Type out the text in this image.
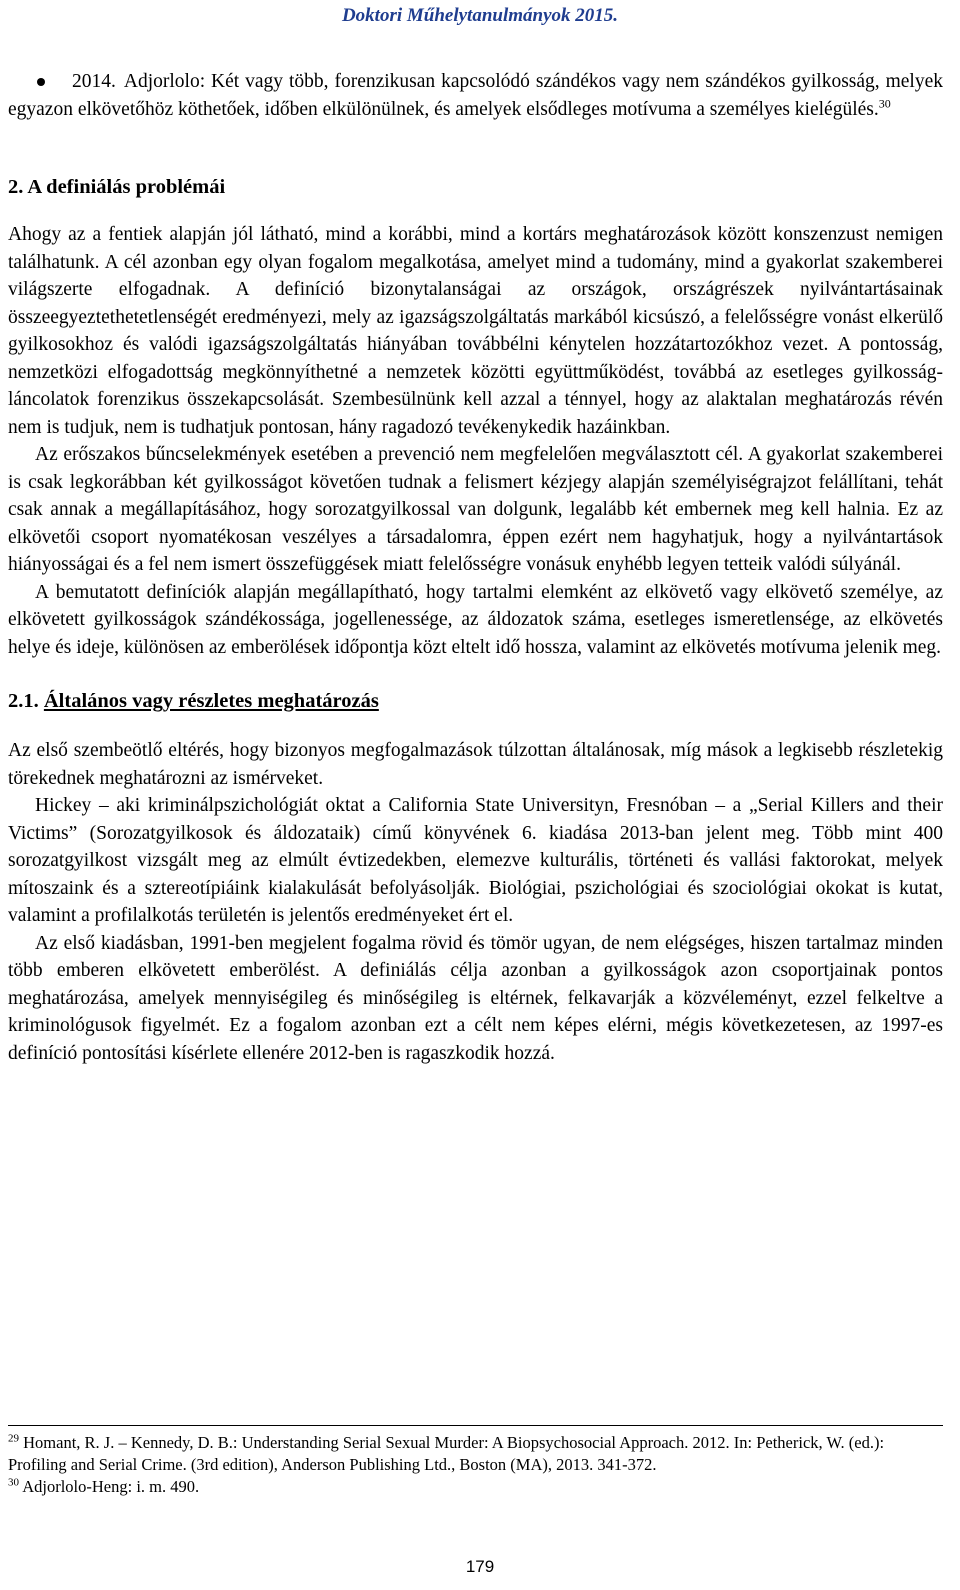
Doktori Műhelytanulmányok 2015.

2014. Adjorlolo: Két vagy több, forenzikusan kapcsolódó szándékos vagy nem szándékos gyilkosság, melyek egyazon elkövetőhöz köthetőek, időben elkülönülnek, és amelyek elsődleges motívuma a személyes kielégülés.$^{30}$

2. A definiálás problémái

Ahogy az a fentiek alapján jól látható, mind a korábbi, mind a kortárs meghatározások között konszenzust nemigen találhatunk. A cél azonban egy olyan fogalom megalkotása, amelyet mind a tudomány, mind a gyakorlat szakemberei világszerte elfogadnak. A definíció bizonytalanságai az országok, országrészek nyilvántartásainak összeegyeztethetetlenségét eredményezi, mely az igazságszolgáltatás markából kicsúszó, a felelősségre vonást elkerülő gyilkosokhoz és valódi igazságszolgáltatás hiányában továbbélni kénytelen hozzátartozókhoz vezet. A pontosság, nemzetközi elfogadottság megkönnyíthetné a nemzetek közötti együttműködést, továbbá az esetleges gyilkosság-láncolatok forenzikus összekapcsolását. Szembesülnünk kell azzal a ténnyel, hogy az alaktalan meghatározás révén nem is tudjuk, nem is tudhatjuk pontosan, hány ragadozó tevékenykedik hazáinkban.

Az erőszakos bűncselekmények esetében a prevenció nem megfelelően megválasztott cél. A gyakorlat szakemberei is csak legkorábban két gyilkosságot követően tudnak a felismert kézjegy alapján személyiségrajzot felállítani, tehát csak annak a megállapításához, hogy sorozatgyilkossal van dolgunk, legalább két embernek meg kell halnia. Ez az elkövetői csoport nyomatékosan veszélyes a társadalomra, éppen ezért nem hagyhatjuk, hogy a nyilvántartások hiányosságai és a fel nem ismert összefüggések miatt felelősségre vonásuk enyhébb legyen tetteik valódi súlyánál.

A bemutatott definíciók alapján megállapítható, hogy tartalmi elemként az elkövető vagy elkövető személye, az elkövetett gyilkosságok szándékossága, jogellenessége, az áldozatok száma, esetleges ismeretlensége, az elkövetés helye és ideje, különösen az emberölések időpontja közt eltelt idő hossza, valamint az elkövetés motívuma jelenik meg.

2.1. Általános vagy részletes meghatározás

Az első szembeötlő eltérés, hogy bizonyos megfogalmazások túlzottan általánosak, míg mások a legkisebb részletekig törekednek meghatározni az ismérveket.

Hickey – aki kriminálpszichológiát oktat a California State Universityn, Fresnóban – a „Serial Killers and their Victims” (Sorozatgyilkosok és áldozataik) című könyvének 6. kiadása 2013-ban jelent meg. Több mint 400 sorozatgyilkost vizsgált meg az elmúlt évtizedekben, elemezve kulturális, történeti és vallási faktorokat, melyek mítoszaink és a sztereotípiáink kialakulását befolyásolják. Biológiai, pszichológiai és szociológiai okokat is kutat, valamint a profilalkotás területén is jelentős eredményeket ért el.

Az első kiadásban, 1991-ben megjelent fogalma rövid és tömör ugyan, de nem elégséges, hiszen tartalmaz minden több emberen elkövetett emberölést. A definiálás célja azonban a gyilkosságok azon csoportjainak pontos meghatározása, amelyek mennyiségileg és minőségileg is eltérnek, felkavarják a közvéleményt, ezzel felkeltve a kriminológusok figyelmét. Ez a fogalom azonban ezt a célt nem képes elérni, mégis következetesen, az 1997-es definíció pontosítási kísérlete ellenére 2012-ben is ragaszkodik hozzá.

$^{29}$ Homant, R. J. – Kennedy, D. B.: Understanding Serial Sexual Murder: A Biopsychosocial Approach. 2012. In: Petherick, W. (ed.): Profiling and Serial Crime. (3rd edition), Anderson Publishing Ltd., Boston (MA), 2013. 341-372.

$^{30}$ Adjorlolo-Heng: i. m. 490.

179
